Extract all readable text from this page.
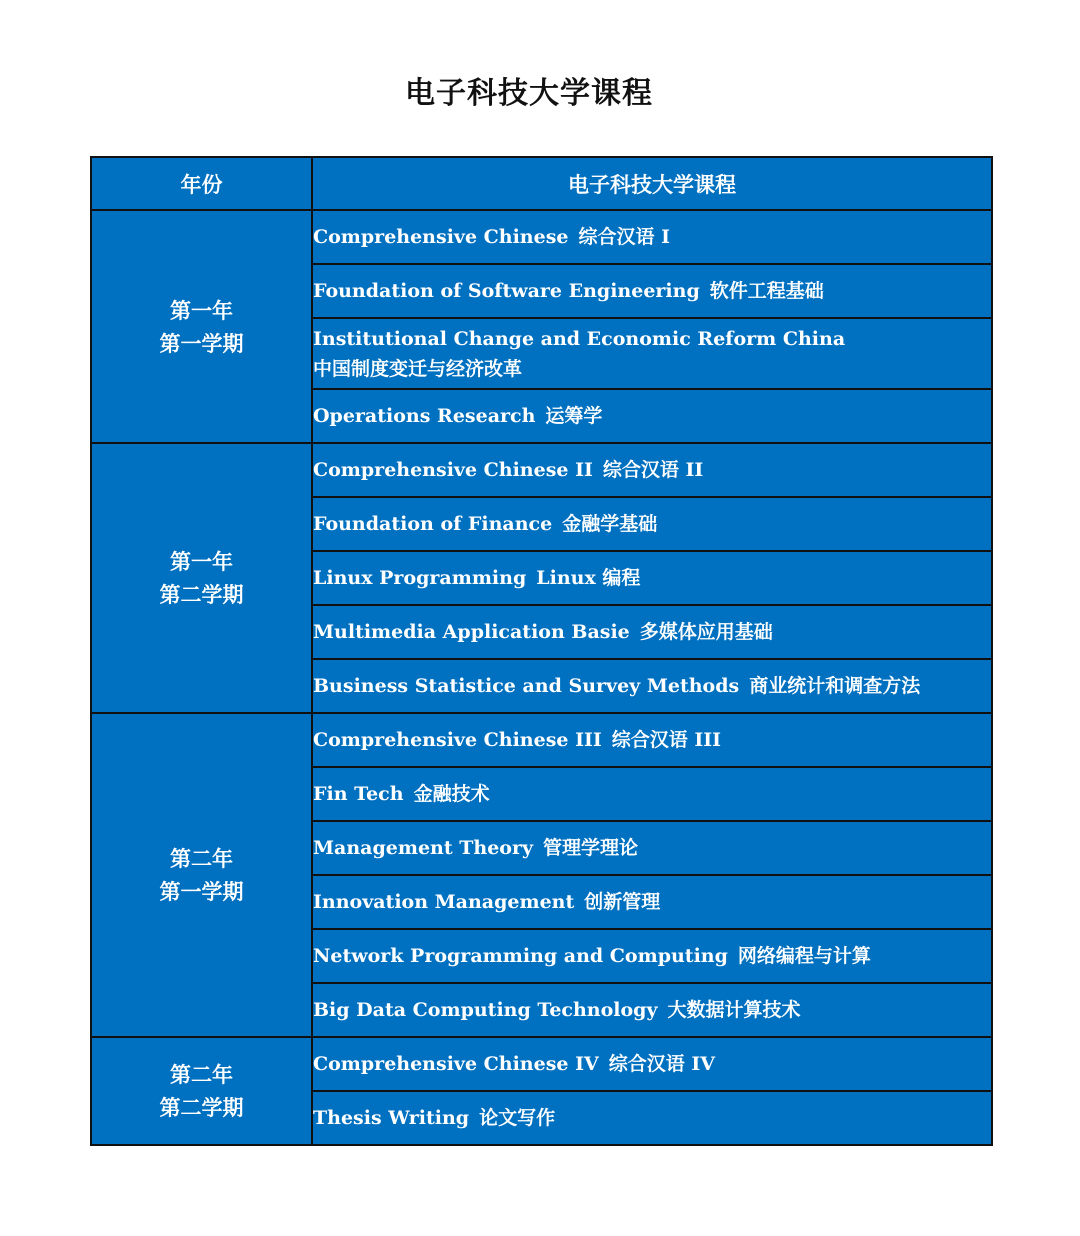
电子科技大学课程
年份	电子科技大学课程

第一年
第一学期	Comprehensive Chinese 综合汉语 I
	Foundation of Software Engineering 软件工程基础

	Institutional Change and Economic Reform China
中国制度变迁与经济改革

	Operations Research 运筹学

第一年
第二学期	Comprehensive Chinese II 综合汉语 II
	Foundation of Finance 金融学基础
	Linux Programming Linux 编程
	Multimedia Application Basie 多媒体应用基础
	Business Statistice and Survey Methods 商业统计和调查方法

第二年
第一学期	Comprehensive Chinese III 综合汉语 III
	Fin Tech 金融技术
	Management Theory 管理学理论
	Innovation Management 创新管理
	Network Programming and Computing 网络编程与计算
	Big Data Computing Technology 大数据计算技术

第二年
第二学期	Comprehensive Chinese IV 综合汉语 IV
	Thesis Writing 论文写作
